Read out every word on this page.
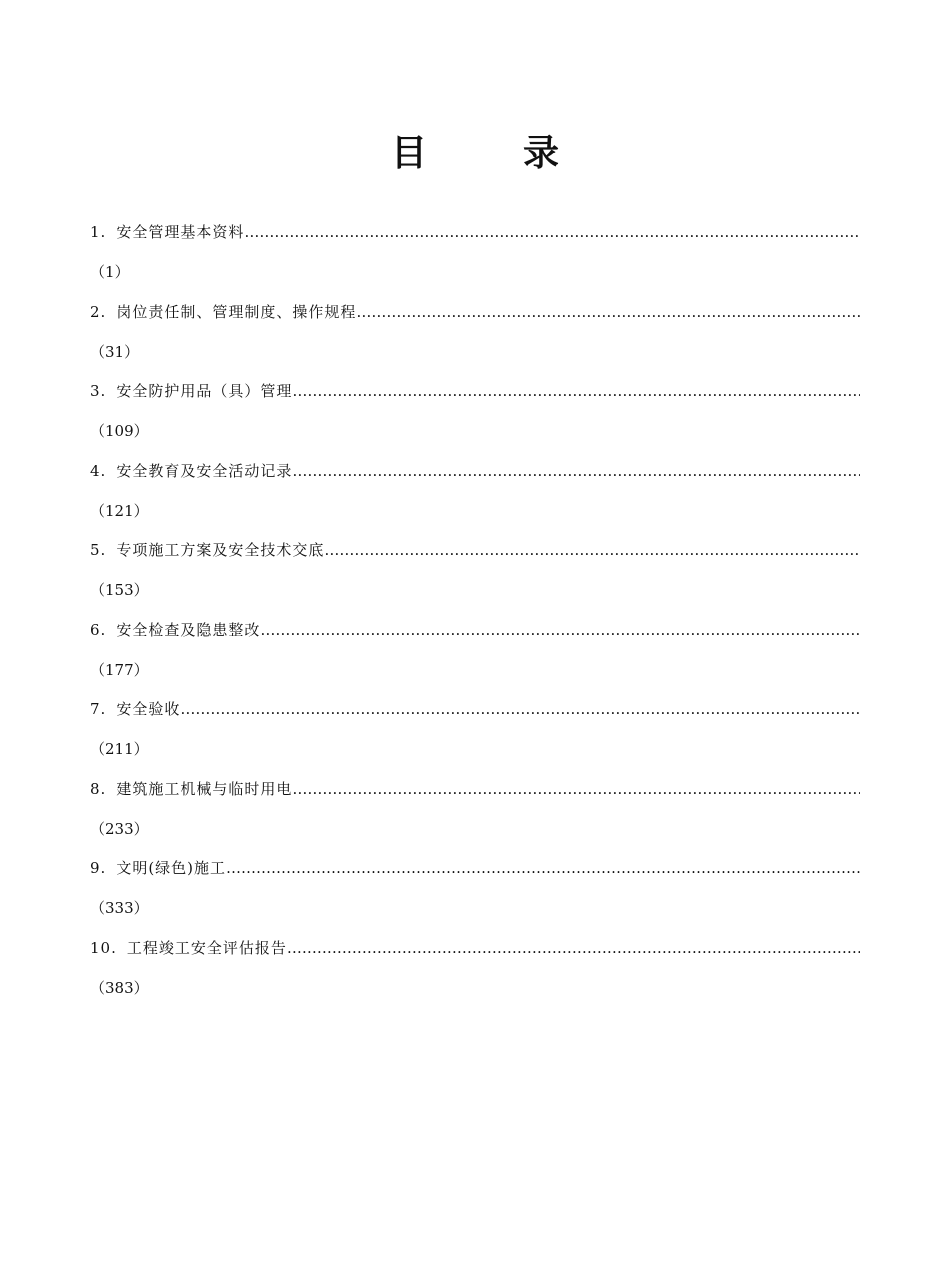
目　录
1. 安全管理基本资料
……………………………………………………………………………………………………………………………………………………………………………………………………………………
（1）
2. 岗位责任制、管理制度、操作规程
……………………………………………………………………………………………………………………………………………………………………………………………………………………
（31）
3. 安全防护用品（具）管理
……………………………………………………………………………………………………………………………………………………………………………………………………………………
（109）
4. 安全教育及安全活动记录
……………………………………………………………………………………………………………………………………………………………………………………………………………………
（121）
5. 专项施工方案及安全技术交底
……………………………………………………………………………………………………………………………………………………………………………………………………………………
（153）
6. 安全检查及隐患整改
……………………………………………………………………………………………………………………………………………………………………………………………………………………
（177）
7. 安全验收
……………………………………………………………………………………………………………………………………………………………………………………………………………………
（211）
8. 建筑施工机械与临时用电
……………………………………………………………………………………………………………………………………………………………………………………………………………………
（233）
9. 文明(绿色)施工
……………………………………………………………………………………………………………………………………………………………………………………………………………………
（333）
10. 工程竣工安全评估报告
……………………………………………………………………………………………………………………………………………………………………………………………………………………
（383）
